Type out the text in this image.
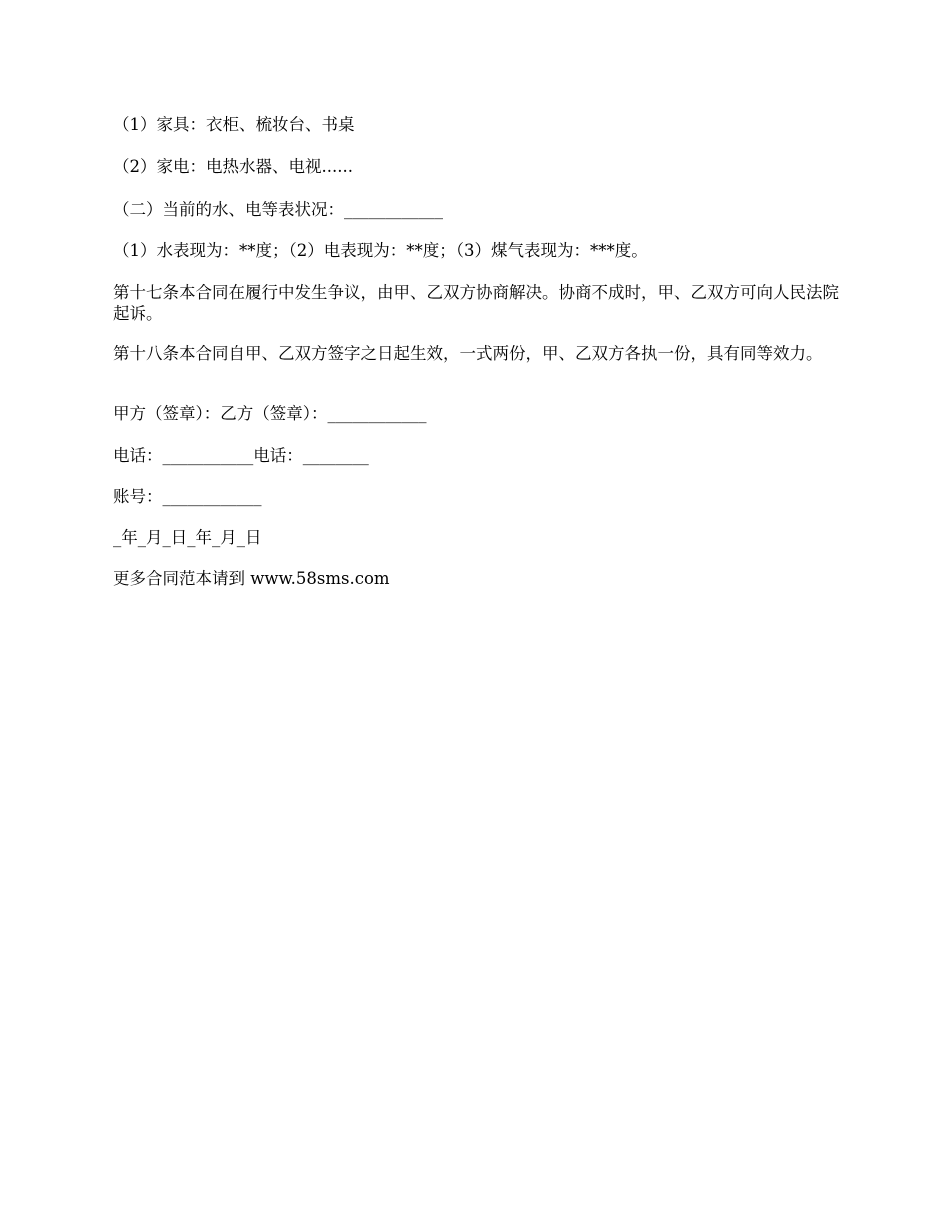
（1）家具：衣柜、梳妆台、书桌

（2）家电：电热水器、电视......

（二）当前的水、电等表状况：____________

（1）水表现为：**度；（2）电表现为：**度；（3）煤气表现为：***度。

第十七条本合同在履行中发生争议，由甲、乙双方协商解决。协商不成时，甲、乙双方可向人民法院起诉。

第十八条本合同自甲、乙双方签字之日起生效，一式两份，甲、乙双方各执一份，具有同等效力。

甲方（签章）：乙方（签章）：____________

电话：___________电话：________

账号：____________

_年_月_日_年_月_日

更多合同范本请到 www.58sms.com
